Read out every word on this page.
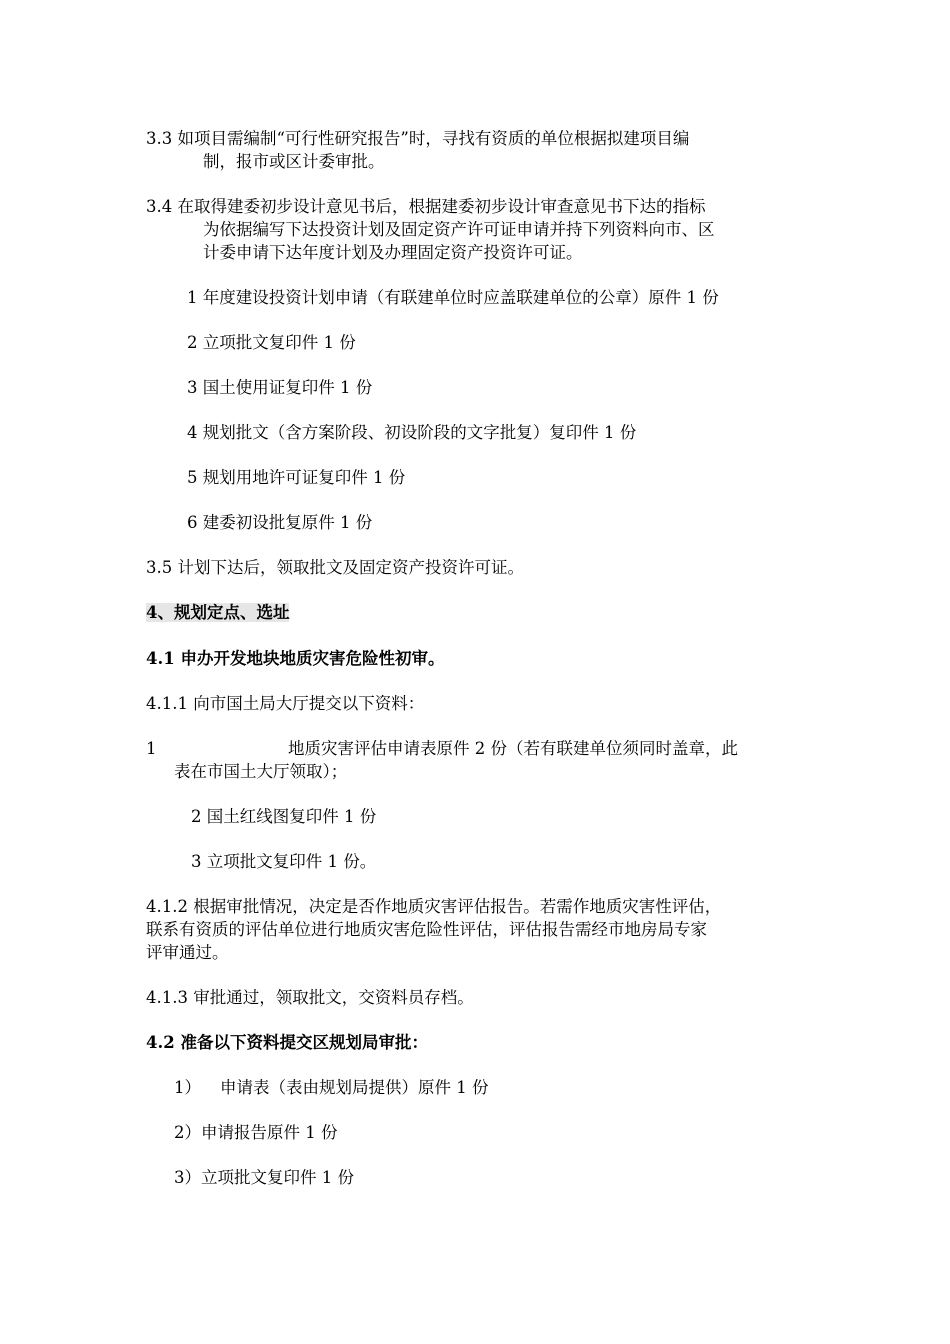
3.3 如项目需编制“可行性研究报告”时，寻找有资质的单位根据拟建项目编

制，报市或区计委审批。

3.4 在取得建委初步设计意见书后，根据建委初步设计审查意见书下达的指标

为依据编写下达投资计划及固定资产许可证申请并持下列资料向市、区

计委申请下达年度计划及办理固定资产投资许可证。

1 年度建设投资计划申请（有联建单位时应盖联建单位的公章）原件 1 份

2 立项批文复印件 1 份

3 国土使用证复印件 1 份

4 规划批文（含方案阶段、初设阶段的文字批复）复印件 1 份

5 规划用地许可证复印件 1 份

6 建委初设批复原件 1 份

3.5 计划下达后，领取批文及固定资产投资许可证。

4、规划定点、选址

4.1 申办开发地块地质灾害危险性初审。

4.1.1 向市国土局大厅提交以下资料：

1	地质灾害评估申请表原件 2 份（若有联建单位须同时盖章，此

表在市国土大厅领取）；

2 国土红线图复印件 1 份

3 立项批文复印件 1 份。

4.1.2 根据审批情况，决定是否作地质灾害评估报告。若需作地质灾害性评估，

联系有资质的评估单位进行地质灾害危险性评估，评估报告需经市地房局专家

评审通过。

4.1.3 审批通过，领取批文，交资料员存档。

4.2 准备以下资料提交区规划局审批：

1） 申请表（表由规划局提供）原件 1 份

2）申请报告原件 1 份

3）立项批文复印件 1 份
